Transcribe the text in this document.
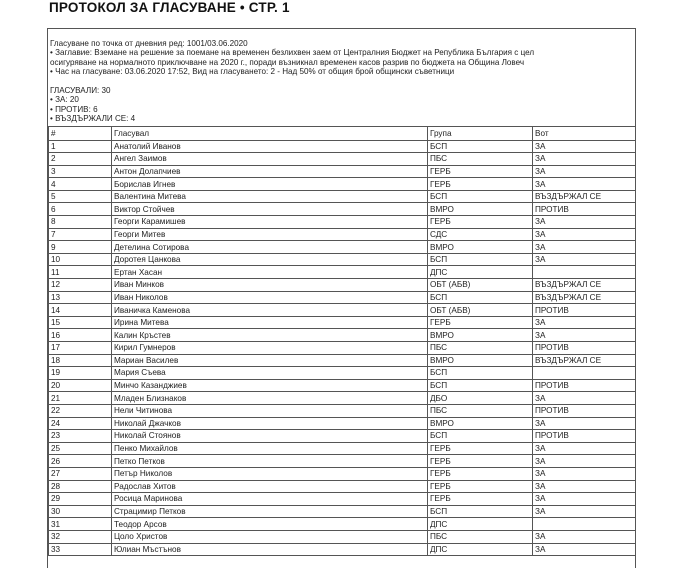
ПРОТОКОЛ ЗА ГЛАСУВАНЕ • СТР. 1
Гласуване по точка от дневния ред: 1001/03.06.2020
• Заглавие: Вземане на решение за поемане на временен безлихвен заем от Централния Бюджет на Република България с цел
осигуряване на нормалното приключване на 2020 г., поради възникнал временен касов разрив по бюджета на Община Ловеч
• Час на гласуване: 03.06.2020 17:52, Вид на гласуването: 2 - Над 50% от общия брой общински съветници
ГЛАСУВАЛИ: 30
• ЗА: 20
• ПРОТИВ: 6
• ВЪЗДЪРЖАЛИ СЕ: 4
#	Гласувал	Група	Вот
1	Анатолий Иванов	БСП	ЗА
2	Ангел Заимов	ПБС	ЗА
3	Антон Долапчиев	ГЕРБ	ЗА
4	Борислав Игнев	ГЕРБ	ЗА
5	Валентина Митева	БСП	ВЪЗДЪРЖАЛ СЕ
6	Виктор Стойчев	ВМРО	ПРОТИВ
8	Георги Карамишев	ГЕРБ	ЗА
7	Георги Митев	СДС	ЗА
9	Детелина Сотирова	ВМРО	ЗА
10	Доротея Цанкова	БСП	ЗА
11	Ертан Хасан	ДПС	
12	Иван Минков	ОБТ (АБВ)	ВЪЗДЪРЖАЛ СЕ
13	Иван Николов	БСП	ВЪЗДЪРЖАЛ СЕ
14	Иваничка Каменова	ОБТ (АБВ)	ПРОТИВ
15	Ирина Митева	ГЕРБ	ЗА
16	Калин Кръстев	ВМРО	ЗА
17	Кирил Гумнеров	ПБС	ПРОТИВ
18	Мариан Василев	ВМРО	ВЪЗДЪРЖАЛ СЕ
19	Мария Съева	БСП	
20	Минчо Казанджиев	БСП	ПРОТИВ
21	Младен Близнаков	ДБО	ЗА
22	Нели Читинова	ПБС	ПРОТИВ
24	Николай Джачков	ВМРО	ЗА
23	Николай Стоянов	БСП	ПРОТИВ
25	Пенко Михайлов	ГЕРБ	ЗА
26	Петко Петков	ГЕРБ	ЗА
27	Петър Николов	ГЕРБ	ЗА
28	Радослав Хитов	ГЕРБ	ЗА
29	Росица Маринова	ГЕРБ	ЗА
30	Страцимир Петков	БСП	ЗА
31	Теодор Арсов	ДПС	
32	Цоло Христов	ПБС	ЗА
33	Юлиан Мъстънов	ДПС	ЗА
